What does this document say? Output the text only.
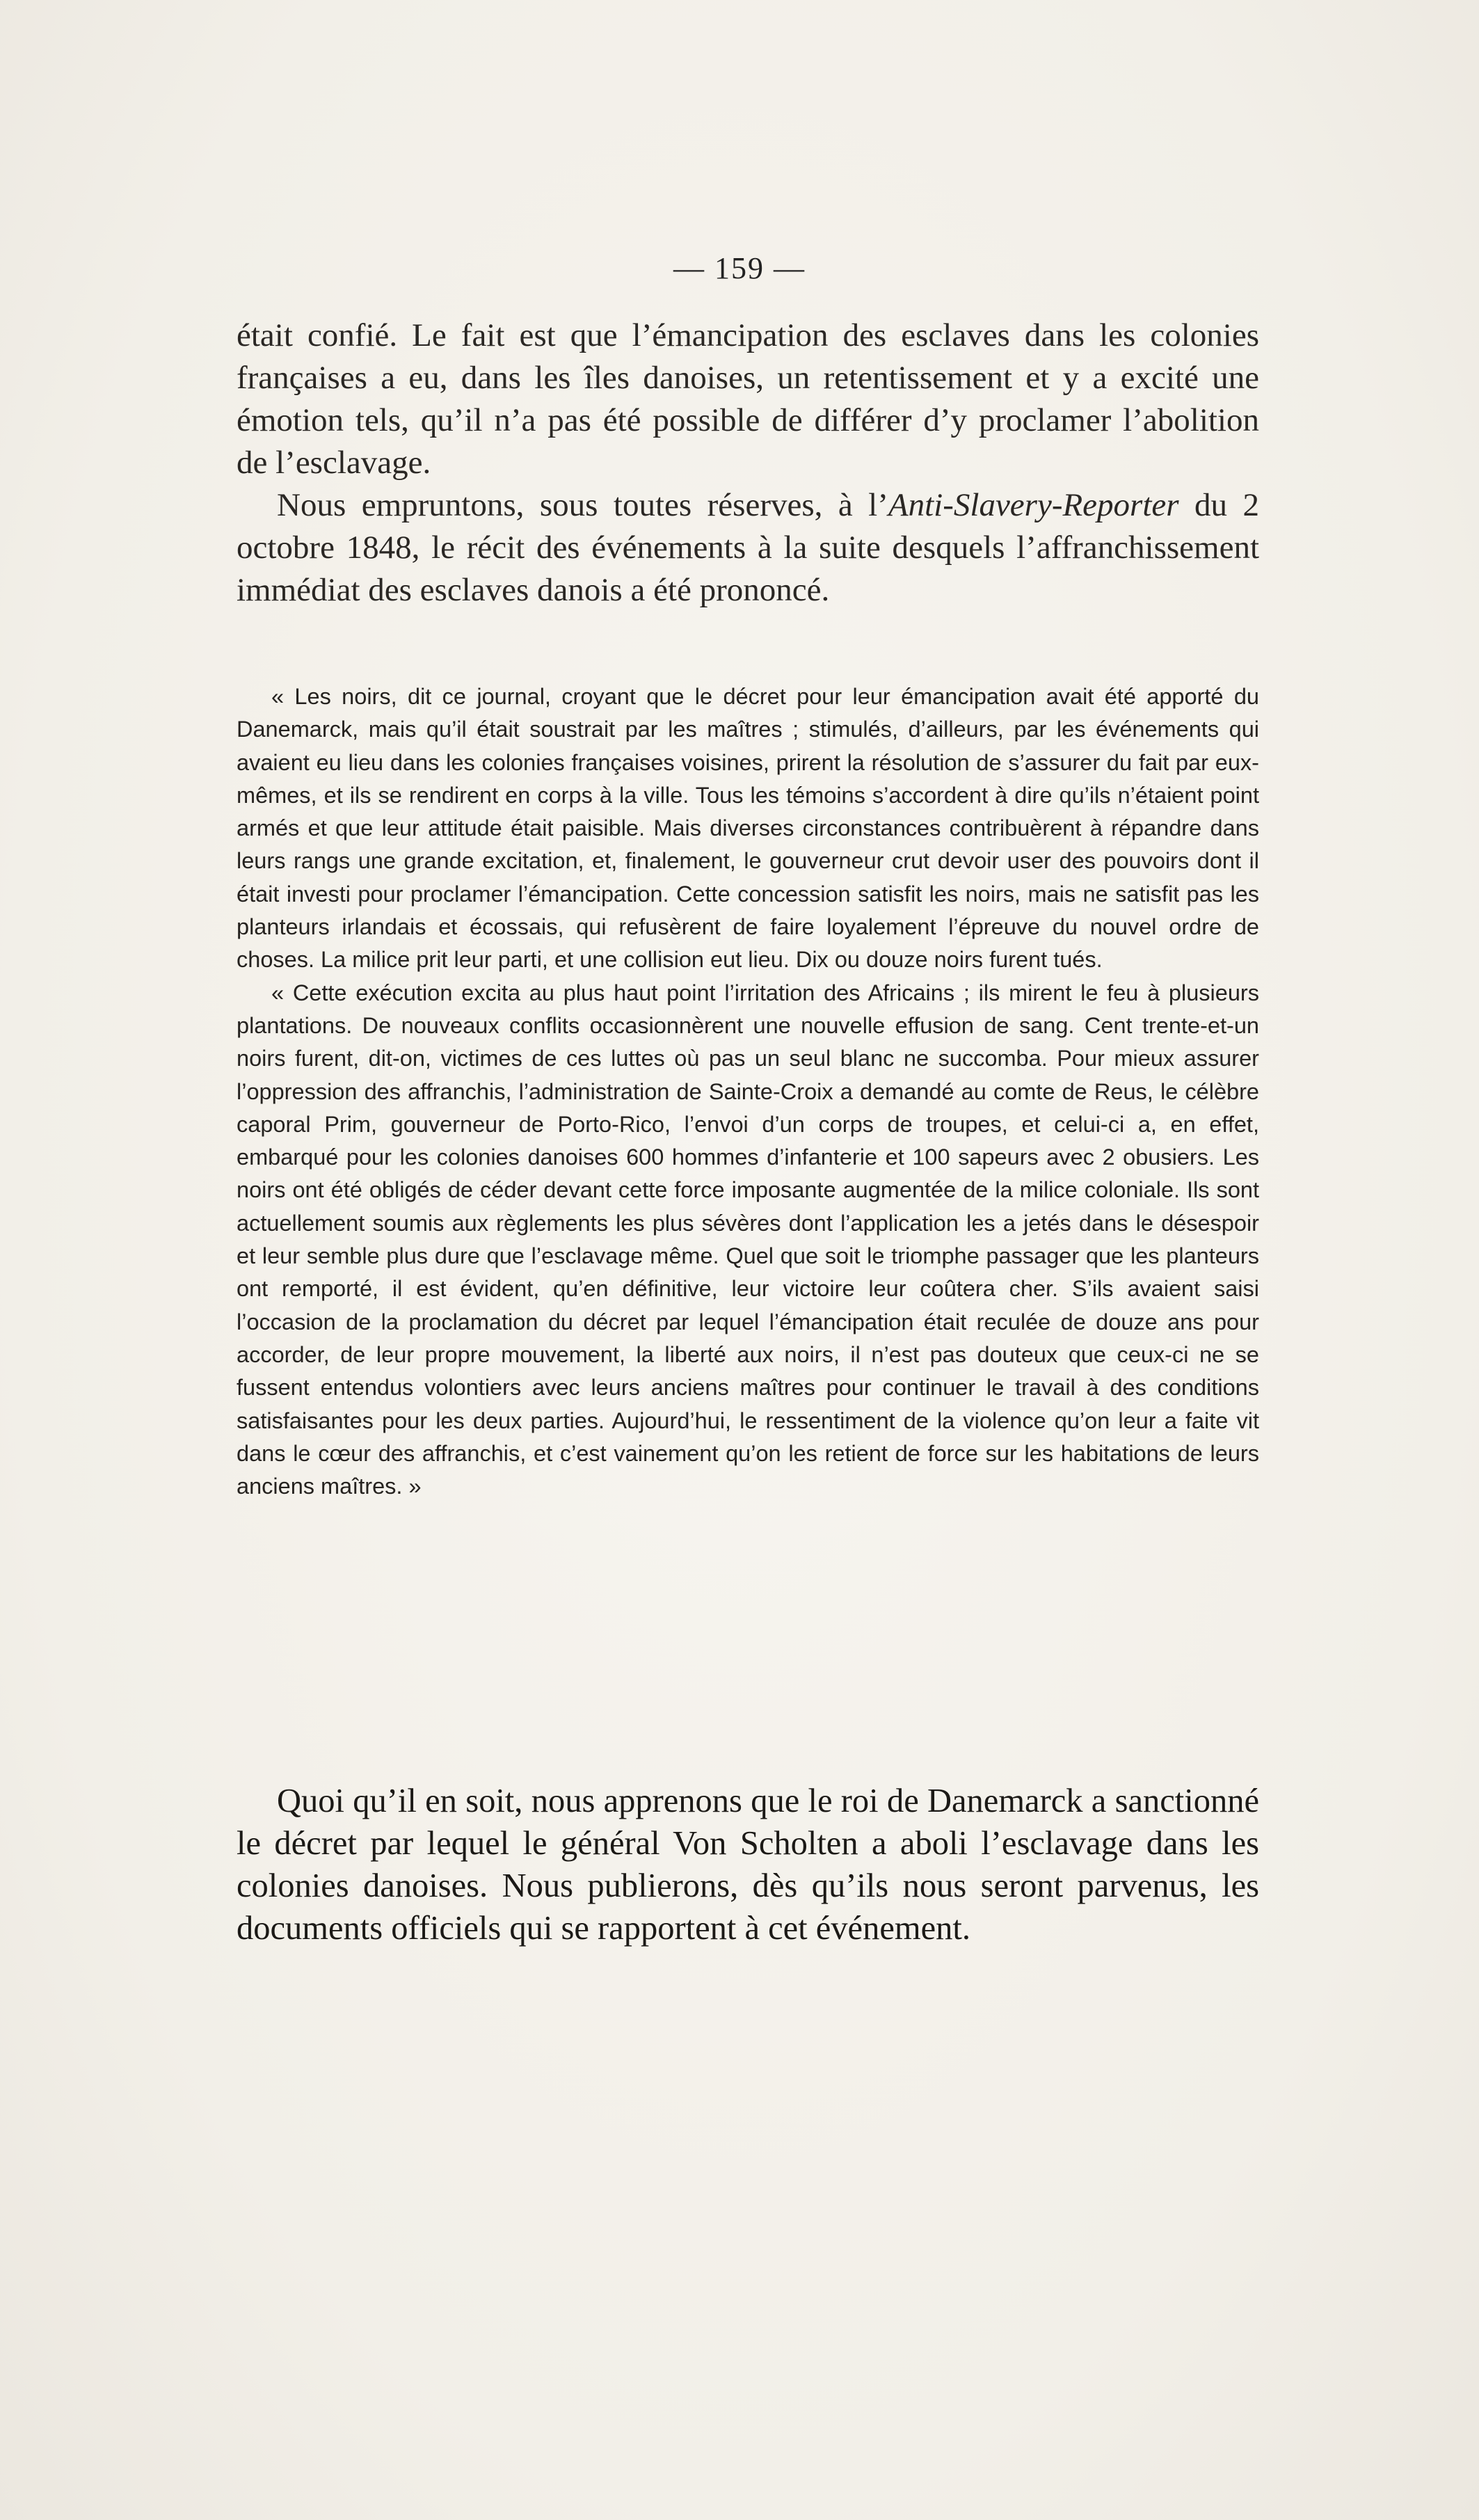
— 159 —

était confié. Le fait est que l’émancipation des esclaves dans les colonies françaises a eu, dans les îles danoises, un retentissement et y a excité une émotion tels, qu’il n’a pas été possible de différer d’y proclamer l’abolition de l’esclavage.

Nous empruntons, sous toutes réserves, à l’Anti-Slavery-Reporter du 2 octobre 1848, le récit des événements à la suite desquels l’affranchissement immédiat des esclaves danois a été prononcé.

« Les noirs, dit ce journal, croyant que le décret pour leur émancipation avait été apporté du Danemarck, mais qu’il était soustrait par les maîtres ; stimulés, d’ailleurs, par les événements qui avaient eu lieu dans les colonies françaises voisines, prirent la résolution de s’assurer du fait par eux-mêmes, et ils se rendirent en corps à la ville. Tous les témoins s’accordent à dire qu’ils n’étaient point armés et que leur attitude était paisible. Mais diverses circonstances contribuèrent à répandre dans leurs rangs une grande excitation, et, finalement, le gouverneur crut devoir user des pouvoirs dont il était investi pour proclamer l’émancipation. Cette concession satisfit les noirs, mais ne satisfit pas les planteurs irlandais et écossais, qui refusèrent de faire loyalement l’épreuve du nouvel ordre de choses. La milice prit leur parti, et une collision eut lieu. Dix ou douze noirs furent tués.

« Cette exécution excita au plus haut point l’irritation des Africains ; ils mirent le feu à plusieurs plantations. De nouveaux conflits occasionnèrent une nouvelle effusion de sang. Cent trente-et-un noirs furent, dit-on, victimes de ces luttes où pas un seul blanc ne succomba. Pour mieux assurer l’oppression des affranchis, l’administration de Sainte-Croix a demandé au comte de Reus, le célèbre caporal Prim, gouverneur de Porto-Rico, l’envoi d’un corps de troupes, et celui-ci a, en effet, embarqué pour les colonies danoises 600 hommes d’infanterie et 100 sapeurs avec 2 obusiers. Les noirs ont été obligés de céder devant cette force imposante augmentée de la milice coloniale. Ils sont actuellement soumis aux règlements les plus sévères dont l’application les a jetés dans le désespoir et leur semble plus dure que l’esclavage même. Quel que soit le triomphe passager que les planteurs ont remporté, il est évident, qu’en définitive, leur victoire leur coûtera cher. S’ils avaient saisi l’occasion de la proclamation du décret par lequel l’émancipation était reculée de douze ans pour accorder, de leur propre mouvement, la liberté aux noirs, il n’est pas douteux que ceux-ci ne se fussent entendus volontiers avec leurs anciens maîtres pour continuer le travail à des conditions satisfaisantes pour les deux parties. Aujourd’hui, le ressentiment de la violence qu’on leur a faite vit dans le cœur des affranchis, et c’est vainement qu’on les retient de force sur les habitations de leurs anciens maîtres. »

Quoi qu’il en soit, nous apprenons que le roi de Danemarck a sanctionné le décret par lequel le général Von Scholten a aboli l’esclavage dans les colonies danoises. Nous publierons, dès qu’ils nous seront parvenus, les documents officiels qui se rapportent à cet événement.
